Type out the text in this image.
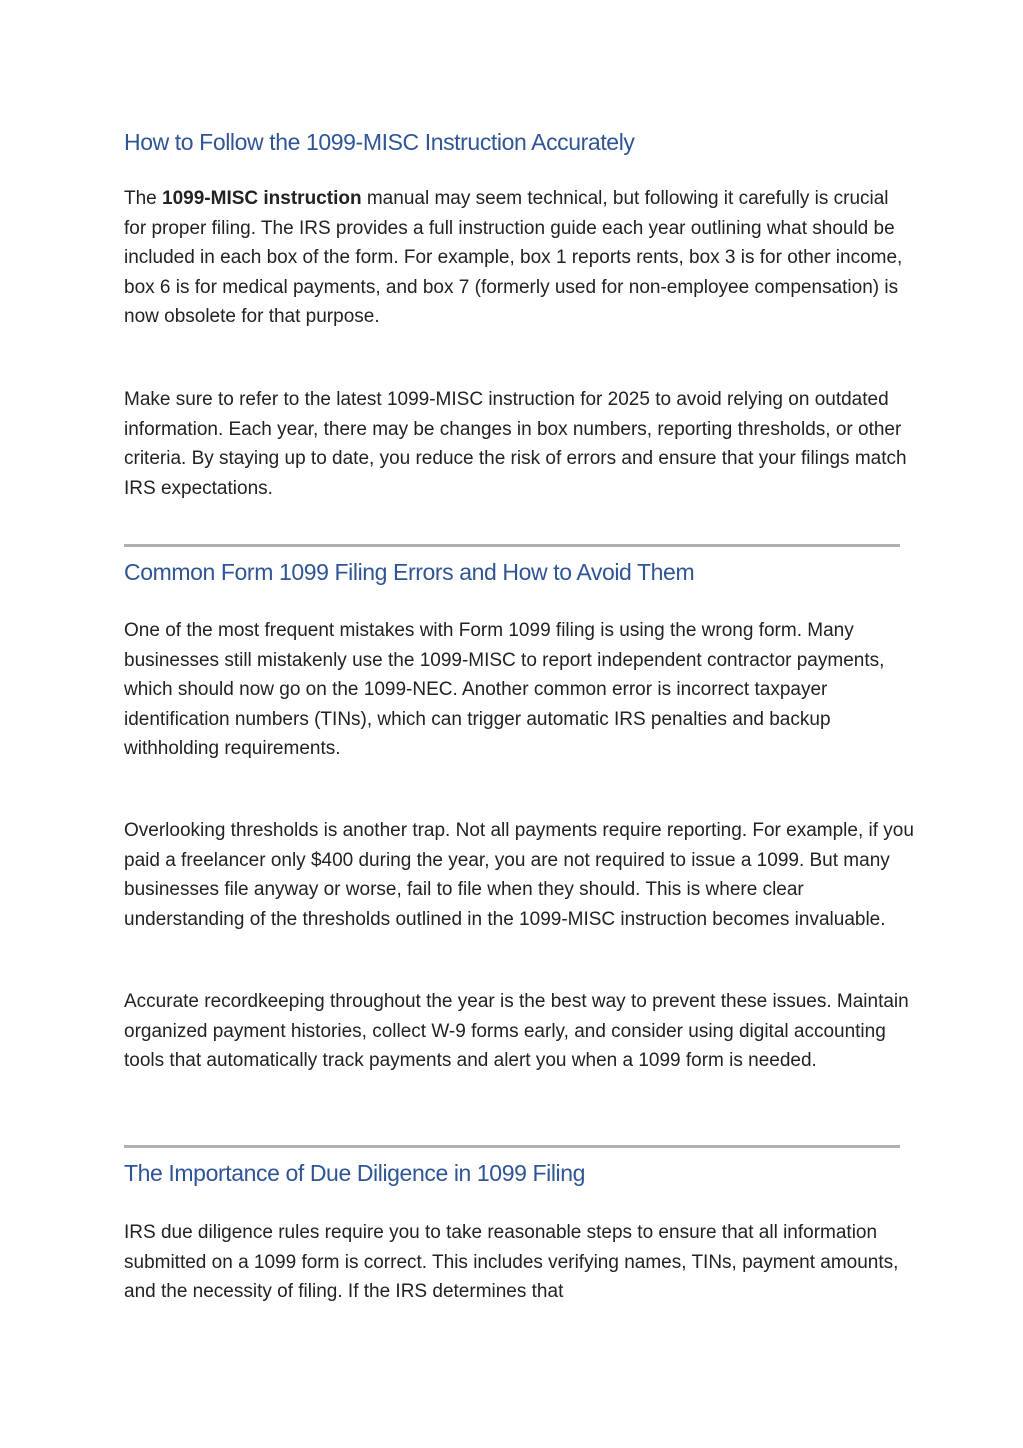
How to Follow the 1099-MISC Instruction Accurately

The 1099-MISC instruction manual may seem technical, but following it carefully is crucial for proper filing. The IRS provides a full instruction guide each year outlining what should be included in each box of the form. For example, box 1 reports rents, box 3 is for other income, box 6 is for medical payments, and box 7 (formerly used for non-employee compensation) is now obsolete for that purpose.

Make sure to refer to the latest 1099-MISC instruction for 2025 to avoid relying on outdated information. Each year, there may be changes in box numbers, reporting thresholds, or other criteria. By staying up to date, you reduce the risk of errors and ensure that your filings match IRS expectations.

Common Form 1099 Filing Errors and How to Avoid Them

One of the most frequent mistakes with Form 1099 filing is using the wrong form. Many businesses still mistakenly use the 1099-MISC to report independent contractor payments, which should now go on the 1099-NEC. Another common error is incorrect taxpayer identification numbers (TINs), which can trigger automatic IRS penalties and backup withholding requirements.

Overlooking thresholds is another trap. Not all payments require reporting. For example, if you paid a freelancer only $400 during the year, you are not required to issue a 1099. But many businesses file anyway or worse, fail to file when they should. This is where clear understanding of the thresholds outlined in the 1099-MISC instruction becomes invaluable.

Accurate recordkeeping throughout the year is the best way to prevent these issues. Maintain organized payment histories, collect W-9 forms early, and consider using digital accounting tools that automatically track payments and alert you when a 1099 form is needed.

The Importance of Due Diligence in 1099 Filing

IRS due diligence rules require you to take reasonable steps to ensure that all information submitted on a 1099 form is correct. This includes verifying names, TINs, payment amounts, and the necessity of filing. If the IRS determines that
